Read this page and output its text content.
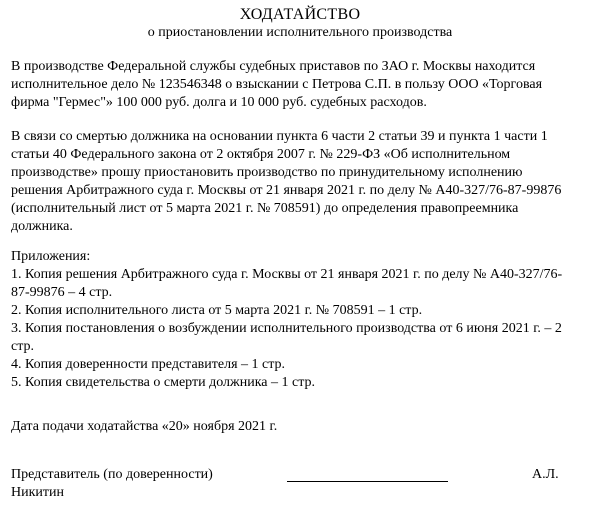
ХОДАТАЙСТВО
о приостановлении исполнительного производства
В производстве Федеральной службы судебных приставов по ЗАО г. Москвы находится
исполнительное дело № 123546348 о взыскании с Петрова С.П. в пользу ООО «Торговая
фирма "Гермес"» 100 000 руб. долга и 10 000 руб. судебных расходов.
В связи со смертью должника на основании пункта 6 части 2 статьи 39 и пункта 1 части 1
статьи 40 Федерального закона от 2 октября 2007 г. № 229-ФЗ «Об исполнительном
производстве» прошу приостановить производство по принудительному исполнению
решения Арбитражного суда г. Москвы от 21 января 2021 г. по делу № А40-327/76-87-99876
(исполнительный лист от 5 марта 2021 г. № 708591) до определения правопреемника
должника.
Приложения:
1. Копия решения Арбитражного суда г. Москвы от 21 января 2021 г. по делу № А40-327/76-
87-99876 – 4 стр.
2. Копия исполнительного листа от 5 марта 2021 г. № 708591 – 1 стр.
3. Копия постановления о возбуждении исполнительного производства от 6 июня 2021 г. – 2
стр.
4. Копия доверенности представителя – 1 стр.
5. Копия свидетельства о смерти должника – 1 стр.
Дата подачи ходатайства «20» ноября 2021 г.
Представитель (по доверенности)	А.Л.
Никитин
